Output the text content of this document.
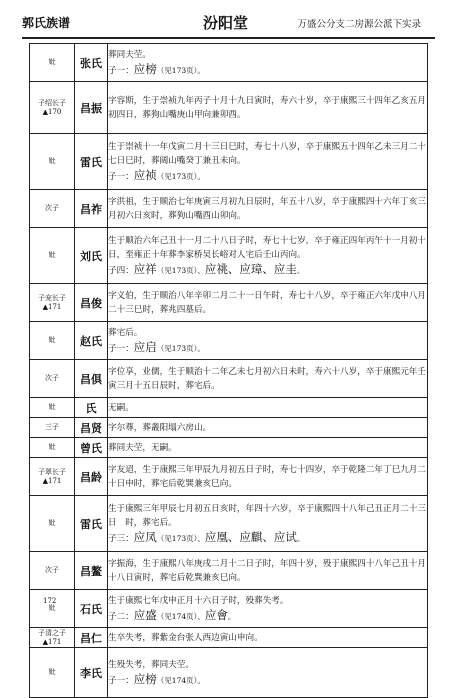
郭氏族谱	汾阳堂	万盛公分支二房源公派下实录
妣	张氏	葬同夫茔。
子一：应榜（见173页）。

子绍长子▲170	昌振	字容斯，生于崇祯九年丙子十月十九日寅时，寿六十岁，卒于康熙三十四年乙亥五月初四日，葬狗山嘴庚山甲向兼卯酉。

妣	雷氏	生于崇祯十一年戊寅二月十三日巳时，寿七十八岁，卒于康熙五十四年乙未三月二十七日巳时，葬阔山嘴癸丁兼丑未向。
子一：应祯（见173页）。

次子	昌祚	字洪祖，生于顺治七年庚寅三月初九日辰时，年五十八岁，卒于康熙四十六年丁亥三月初六日亥时，葬狗山嘴酉山卯向。

妣	刘氏	生于顺治六年己丑十一月二十八日子时，寿七十七岁，卒于雍正四年丙午十一月初十日，至雍正十年葬李家桥吴长峪对人宅后壬山丙向。
子四：应祥（见173页）、应祧、应璋、应圭。

子宠长子▲171	昌俊	字义伯，生于顺治八年辛卯二月二十一日午时，寿七十八岁，卒于雍正六年戊申八月二十三巳时，葬兆四墓后。

妣	赵氏	葬宅后。
子一：应启（见173页）。

次子	昌俱	字位享，业儒，生于顺治十二年乙未七月初六日未时，寿六十八岁，卒于康熙元年壬寅三月十五日辰时，葬宅后。

妣	氏	无嗣。

三子	昌贤	字尔尊，葬叢阳塌六房山。

妣	曾氏	葬同夫茔，无嗣。

子翠长子▲171	昌龄	字友迢，生于康熙三年甲辰九月初五日子时，寿七十四岁，卒于乾隆二年丁巳九月二十日申时，葬宅后乾巽兼亥巳向。

妣	雷氏	生于康熙三年甲辰七月初五日亥时，年四十六岁，卒于康熙四十八年己丑正月二十三日　时，葬宅后。
子三：应凤（见173页）、应凰、应麒、应试。

次子	昌鳌	字振海，生于康熙八年庚戌二月十二日子时，年四十岁，殁于康熙四十八年己丑十月十八日寅时，葬宅后乾巽兼亥巳向。

妣	石氏	生于康熙七年戊申正月十六日子时，殁葬失考。
子二：应盛（见174页）、应會。

子清之子▲171	昌仁	生卒失考，葬紫金台张人西边寅山申向。

妣	李氏	生殁失考，葬同夫茔。
子一：应榜（见174页）。
172
